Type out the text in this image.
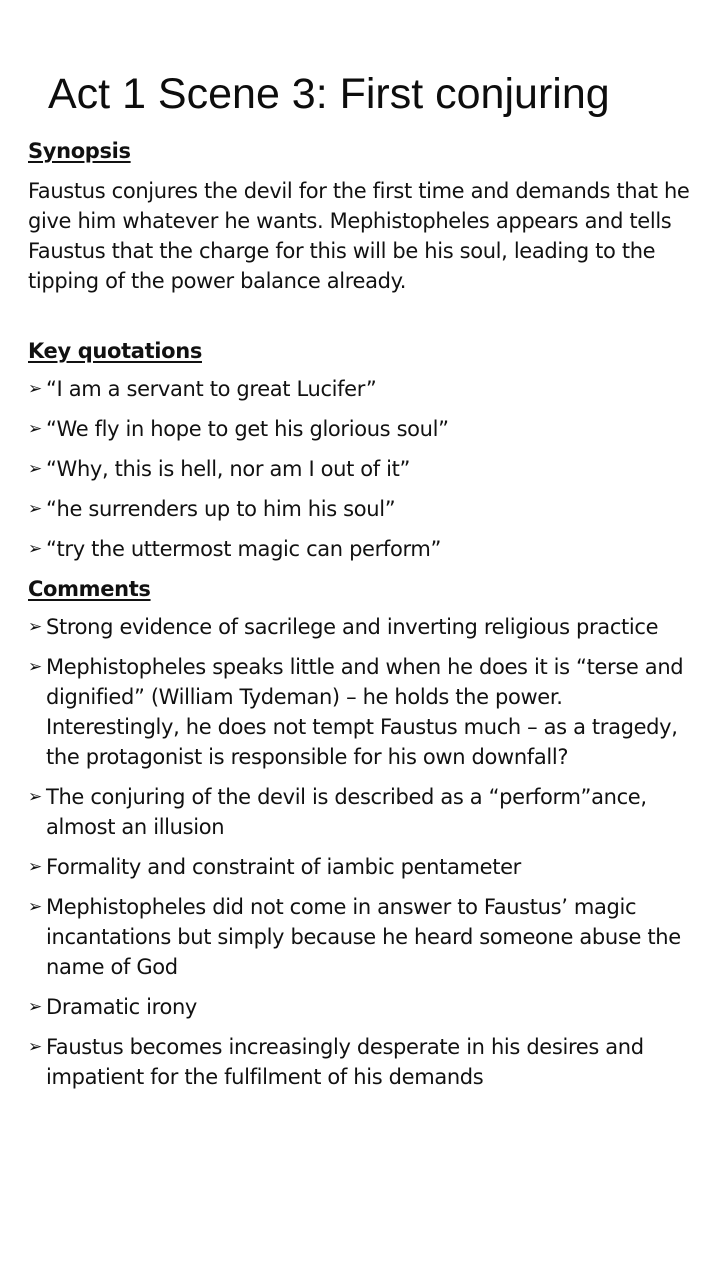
Act 1 Scene 3: First conjuring

Synopsis

Faustus conjures the devil for the first time and demands that he give him whatever he wants. Mephistopheles appears and tells Faustus that the charge for this will be his soul, leading to the tipping of the power balance already.

Key quotations

➢ “I am a servant to great Lucifer”
➢ “We fly in hope to get his glorious soul”
➢ “Why, this is hell, nor am I out of it”
➢ “he surrenders up to him his soul”
➢ “try the uttermost magic can perform”

Comments

➢ Strong evidence of sacrilege and inverting religious practice
➢ Mephistopheles speaks little and when he does it is “terse and dignified” (William Tydeman) – he holds the power. Interestingly, he does not tempt Faustus much – as a tragedy, the protagonist is responsible for his own downfall?
➢ The conjuring of the devil is described as a “perform”ance, almost an illusion
➢ Formality and constraint of iambic pentameter
➢ Mephistopheles did not come in answer to Faustus’ magic incantations but simply because he heard someone abuse the name of God
➢ Dramatic irony
➢ Faustus becomes increasingly desperate in his desires and impatient for the fulfilment of his demands
